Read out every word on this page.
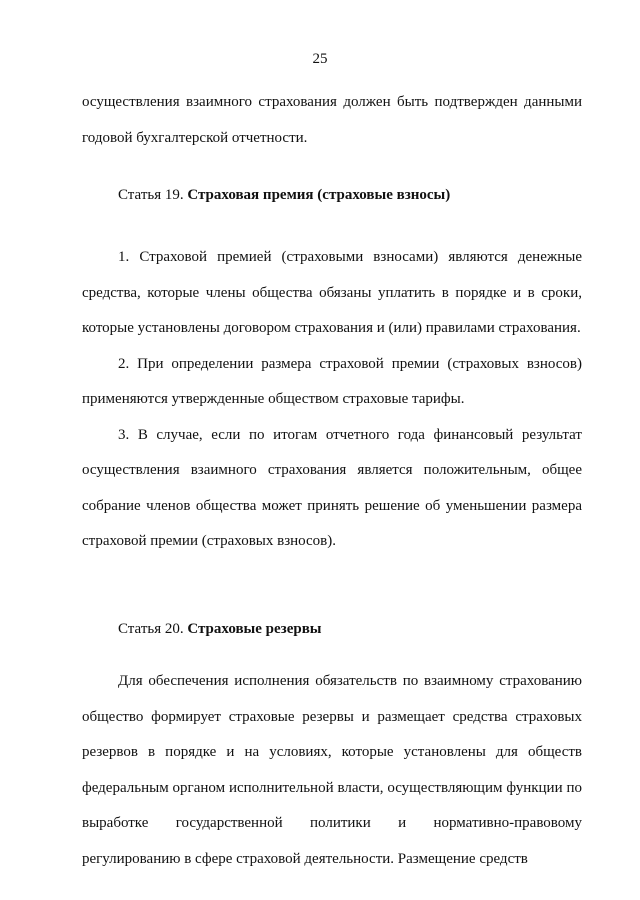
25

осуществления взаимного страхования должен быть подтвержден данными годовой бухгалтерской отчетности.

Статья 19. Страховая премия (страховые взносы)

1. Страховой премией (страховыми взносами) являются денежные средства, которые члены общества обязаны уплатить в порядке и в сроки, которые установлены договором страхования и (или) правилами страхования.

2. При определении размера страховой премии (страховых взносов) применяются утвержденные обществом страховые тарифы.

3. В случае, если по итогам отчетного года финансовый результат осуществления взаимного страхования является положительным, общее собрание членов общества может принять решение об уменьшении размера страховой премии (страховых взносов).

Статья 20. Страховые резервы

Для обеспечения исполнения обязательств по взаимному страхованию общество формирует страховые резервы и размещает средства страховых резервов в порядке и на условиях, которые установлены для обществ федеральным органом исполнительной власти, осуществляющим функции по выработке государственной политики и нормативно-правовому регулированию в сфере страховой деятельности. Размещение средств
